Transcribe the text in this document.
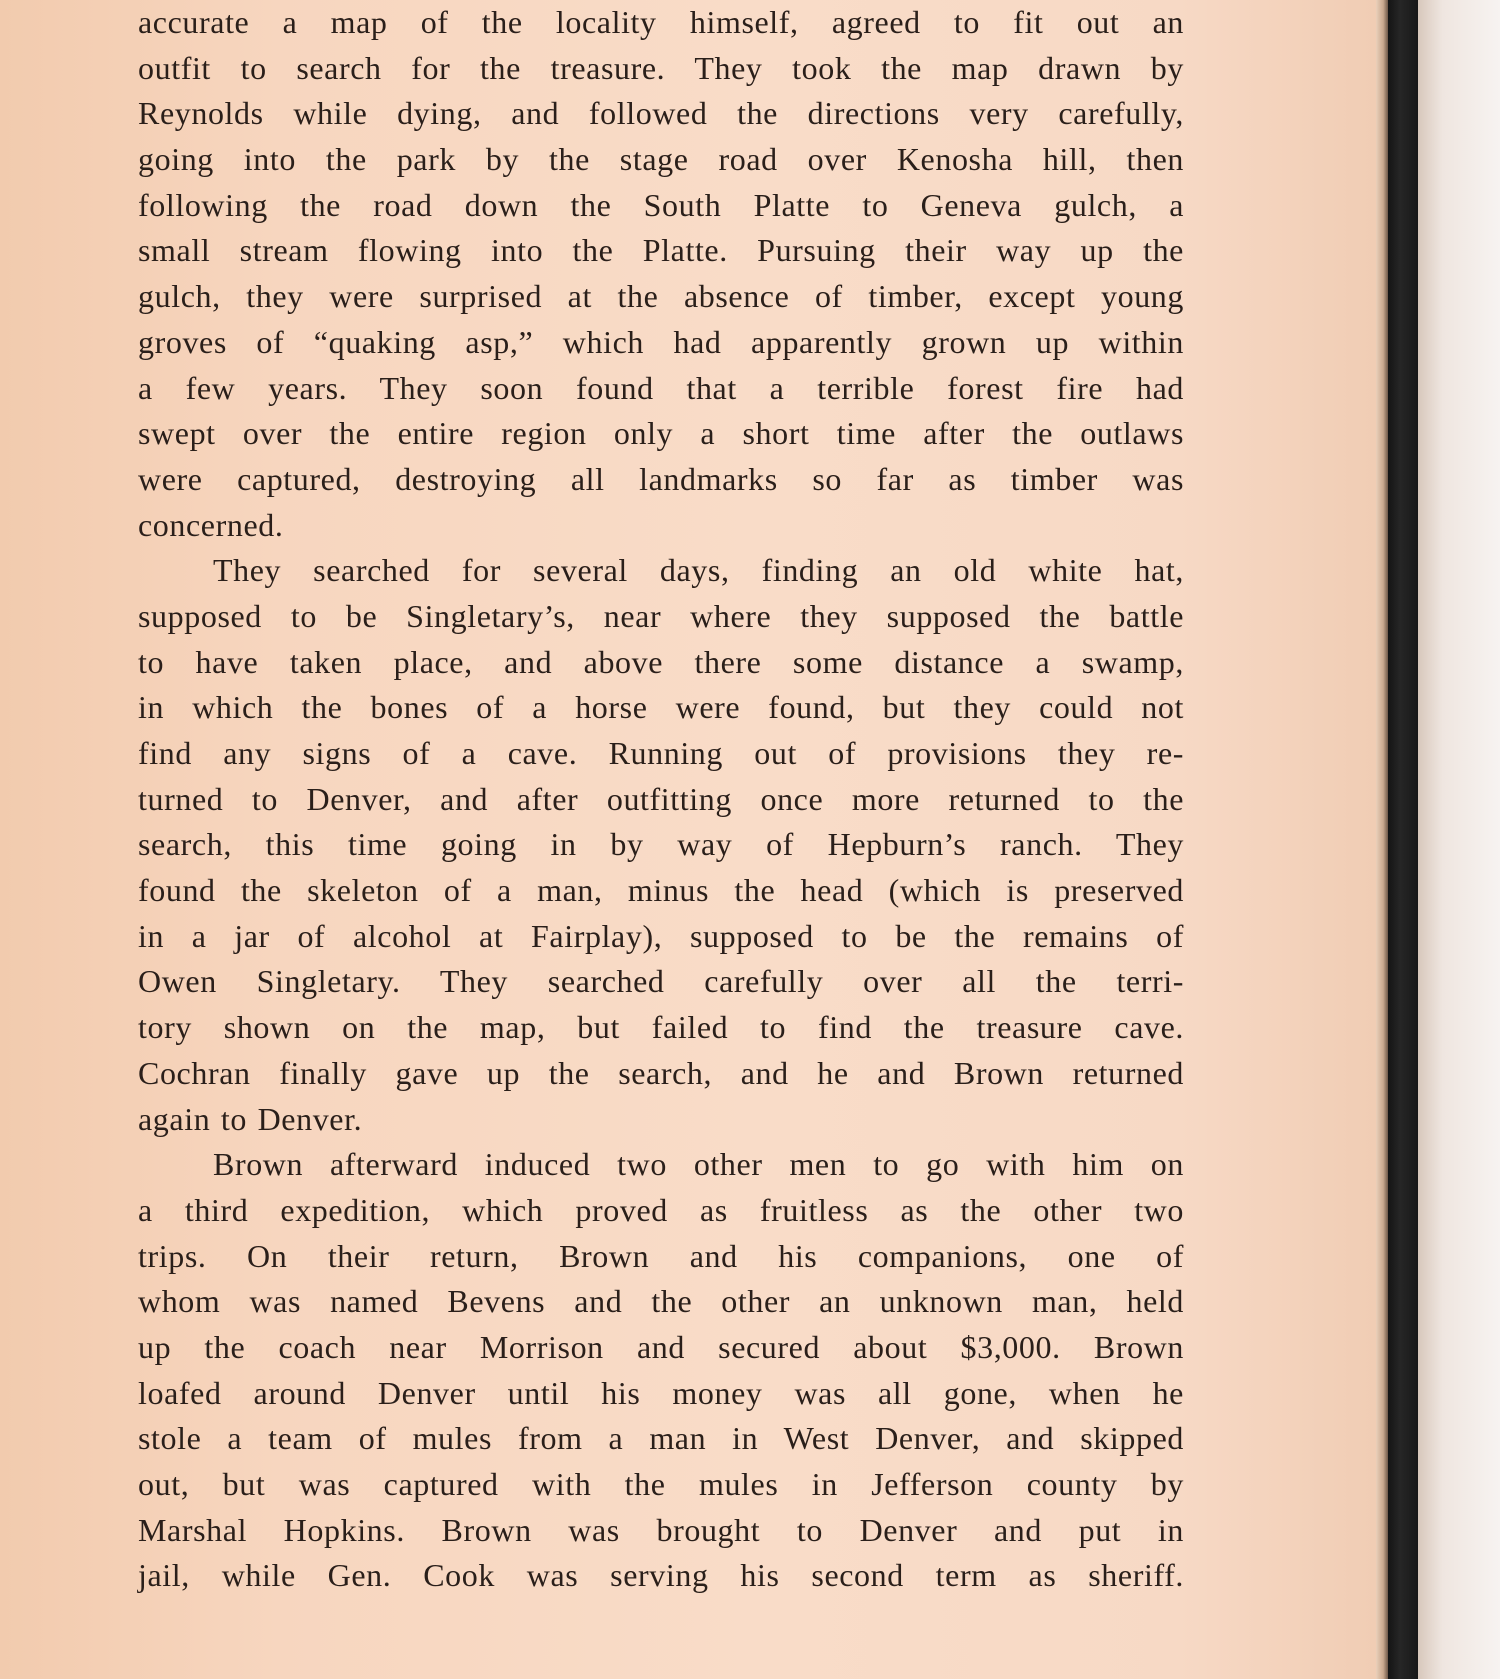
accurate a map of the locality himself, agreed to fit out an
outfit to search for the treasure. They took the map drawn by
Reynolds while dying, and followed the directions very carefully,
going into the park by the stage road over Kenosha hill, then
following the road down the South Platte to Geneva gulch, a
small stream flowing into the Platte. Pursuing their way up the
gulch, they were surprised at the absence of timber, except young
groves of “quaking asp,” which had apparently grown up within
a few years. They soon found that a terrible forest fire had
swept over the entire region only a short time after the outlaws
were captured, destroying all landmarks so far as timber was
concerned.
They searched for several days, finding an old white hat,
supposed to be Singletary’s, near where they supposed the battle
to have taken place, and above there some distance a swamp,
in which the bones of a horse were found, but they could not
find any signs of a cave. Running out of provisions they re-
turned to Denver, and after outfitting once more returned to the
search, this time going in by way of Hepburn’s ranch. They
found the skeleton of a man, minus the head (which is preserved
in a jar of alcohol at Fairplay), supposed to be the remains of
Owen Singletary. They searched carefully over all the terri-
tory shown on the map, but failed to find the treasure cave.
Cochran finally gave up the search, and he and Brown returned
again to Denver.
Brown afterward induced two other men to go with him on
a third expedition, which proved as fruitless as the other two
trips. On their return, Brown and his companions, one of
whom was named Bevens and the other an unknown man, held
up the coach near Morrison and secured about $3,000. Brown
loafed around Denver until his money was all gone, when he
stole a team of mules from a man in West Denver, and skipped
out, but was captured with the mules in Jefferson county by
Marshal Hopkins. Brown was brought to Denver and put in
jail, while Gen. Cook was serving his second term as sheriff.
